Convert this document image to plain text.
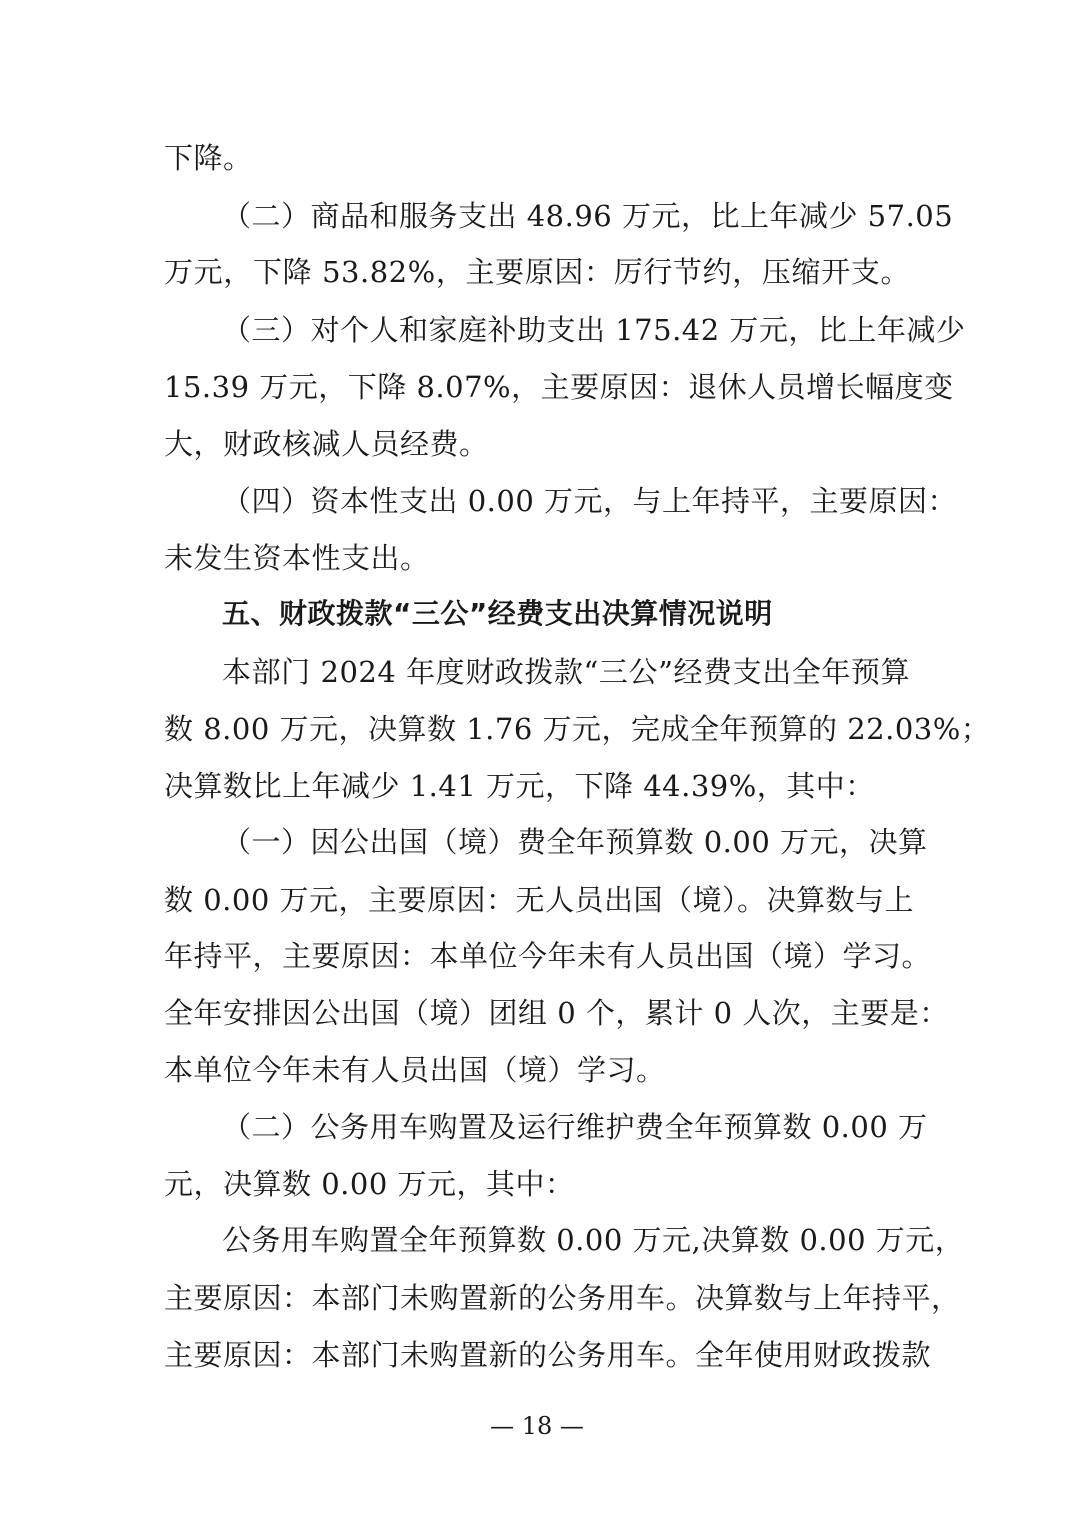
下降。
（二）商品和服务支出 48.96 万元，比上年减少 57.05
万元，下降 53.82%，主要原因：厉行节约，压缩开支。
（三）对个人和家庭补助支出 175.42 万元，比上年减少
15.39 万元，下降 8.07%，主要原因：退休人员增长幅度变
大，财政核减人员经费。
（四）资本性支出 0.00 万元，与上年持平，主要原因：
未发生资本性支出。
五、财政拨款“三公”经费支出决算情况说明
本部门 2024 年度财政拨款“三公”经费支出全年预算
数 8.00 万元，决算数 1.76 万元，完成全年预算的 22.03%；
决算数比上年减少 1.41 万元，下降 44.39%，其中：
（一）因公出国（境）费全年预算数 0.00 万元，决算
数 0.00 万元，主要原因：无人员出国（境）。决算数与上
年持平，主要原因：本单位今年未有人员出国（境）学习。
全年安排因公出国（境）团组 0 个，累计 0 人次，主要是：
本单位今年未有人员出国（境）学习。
（二）公务用车购置及运行维护费全年预算数 0.00 万
元，决算数 0.00 万元，其中：
公务用车购置全年预算数 0.00 万元,决算数 0.00 万元，
主要原因：本部门未购置新的公务用车。决算数与上年持平，
主要原因：本部门未购置新的公务用车。全年使用财政拨款
— 18 —
